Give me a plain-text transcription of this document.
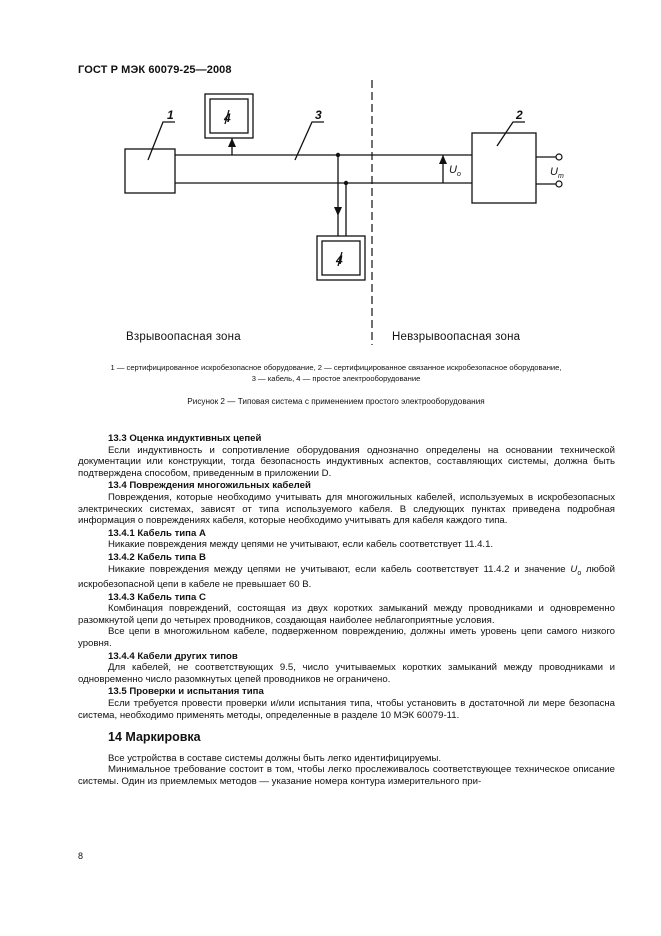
ГОСТ Р МЭК 60079-25—2008
1	3	2
4
4
$U_o$	$U_m$
Взрывоопасная зона	Невзрывоопасная зона
1 — сертифицированное искробезопасное оборудование, 2 — сертифицированное связанное искробезопасное оборудование,
3 — кабель, 4 — простое электрооборудование
Рисунок 2 — Типовая система с применением простого электрооборудования

13.3 Оценка индуктивных цепей

Если индуктивность и сопротивление оборудования однозначно определены на основании технической документации или конструкции, тогда безопасность индуктивных аспектов, составляющих системы, должна быть подтверждена способом, приведенным в приложении D.

13.4 Повреждения многожильных кабелей

Повреждения, которые необходимо учитывать для многожильных кабелей, используемых в искробезопасных электрических системах, зависят от типа используемого кабеля. В следующих пунктах приведена подробная информация о повреждениях кабеля, которые необходимо учитывать для кабеля каждого типа.

13.4.1 Кабель типа А

Никакие повреждения между цепями не учитывают, если кабель соответствует 11.4.1.

13.4.2 Кабель типа В

Никакие повреждения между цепями не учитывают, если кабель соответствует 11.4.2 и значение $U_o$ любой искробезопасной цепи в кабеле не превышает 60 В.

13.4.3 Кабель типа С

Комбинация повреждений, состоящая из двух коротких замыканий между проводниками и одновременно разомкнутой цепи до четырех проводников, создающая наиболее неблагоприятные условия.

Все цепи в многожильном кабеле, подверженном повреждению, должны иметь уровень цепи самого низкого уровня.

13.4.4 Кабели других типов

Для кабелей, не соответствующих 9.5, число учитываемых коротких замыканий между проводниками и одновременно число разомкнутых цепей проводников не ограничено.

13.5 Проверки и испытания типа

Если требуется провести проверки и/или испытания типа, чтобы установить в достаточной ли мере безопасна система, необходимо применять методы, определенные в разделе 10 МЭК 60079-11.

14 Маркировка

Все устройства в составе системы должны быть легко идентифицируемы.

Минимальное требование состоит в том, чтобы легко прослеживалось соответствующее техническое описание системы. Один из приемлемых методов — указание номера контура измерительного при-

8
